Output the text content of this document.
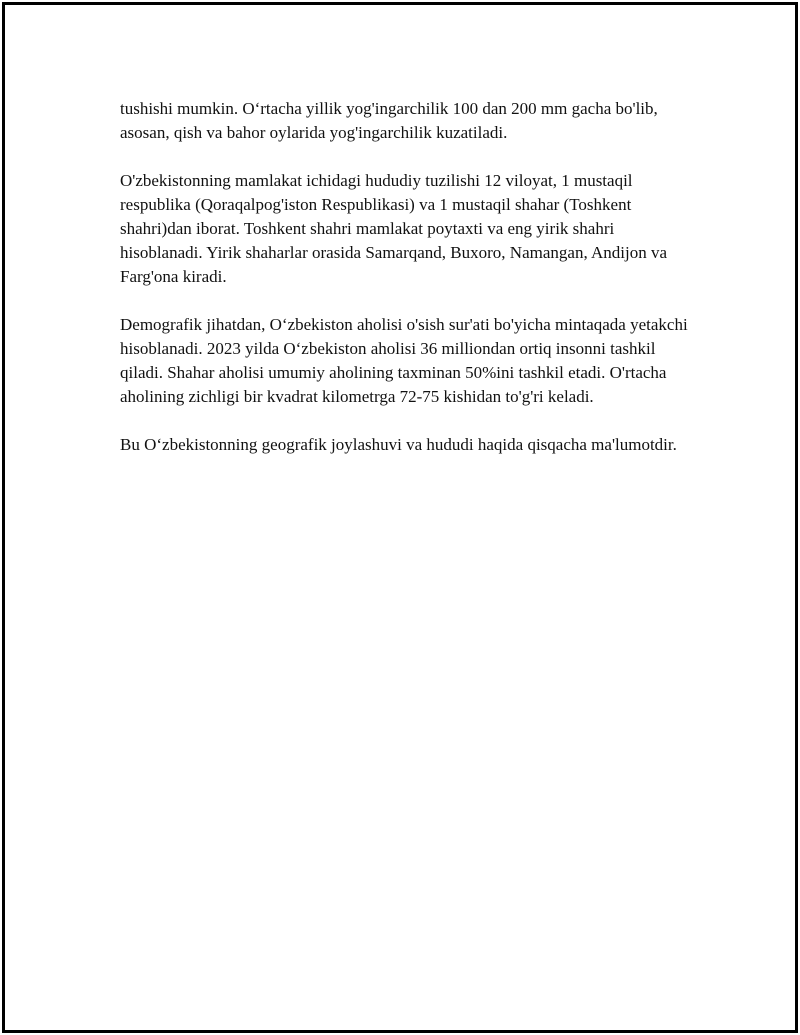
tushishi mumkin. O‘rtacha yillik yog'ingarchilik 100 dan 200 mm gacha bo'lib, asosan, qish va bahor oylarida yog'ingarchilik kuzatiladi.

O'zbekistonning mamlakat ichidagi hududiy tuzilishi 12 viloyat, 1 mustaqil respublika (Qoraqalpog'iston Respublikasi) va 1 mustaqil shahar (Toshkent shahri)dan iborat. Toshkent shahri mamlakat poytaxti va eng yirik shahri hisoblanadi. Yirik shaharlar orasida Samarqand, Buxoro, Namangan, Andijon va Farg'ona kiradi.

Demografik jihatdan, O‘zbekiston aholisi o'sish sur'ati bo'yicha mintaqada yetakchi hisoblanadi. 2023 yilda O‘zbekiston aholisi 36 milliondan ortiq insonni tashkil qiladi. Shahar aholisi umumiy aholining taxminan 50%ini tashkil etadi. O'rtacha aholining zichligi bir kvadrat kilometrga 72-75 kishidan to'g'ri keladi.

Bu O‘zbekistonning geografik joylashuvi va hududi haqida qisqacha ma'lumotdir.
